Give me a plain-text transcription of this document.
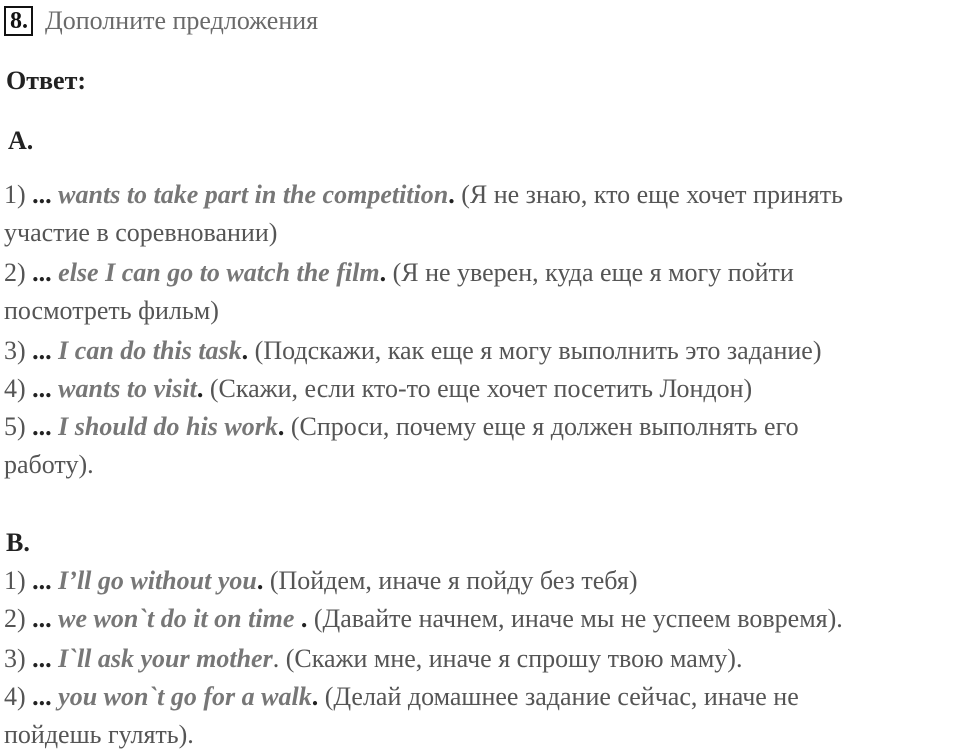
8. Дополните предложения
Ответ:
A.
1) ... wants to take part in the competition. (Я не знаю, кто еще хочет принять
участие в соревновании)
2) ... else I can go to watch the film. (Я не уверен, куда еще я могу пойти
посмотреть фильм)
3) ... I can do this task. (Подскажи, как еще я могу выполнить это задание)
4) ... wants to visit. (Скажи, если кто-то еще хочет посетить Лондон)
5) ... I should do his work. (Спроси, почему еще я должен выполнять его
работу).
B.
1) ... I’ll go without you. (Пойдем, иначе я пойду без тебя)
2) ... we won`t do it on time . (Давайте начнем, иначе мы не успеем вовремя).
3) ... I`ll ask your mother. (Скажи мне, иначе я спрошу твою маму).
4) ... you won`t go for a walk. (Делай домашнее задание сейчас, иначе не
пойдешь гулять).
